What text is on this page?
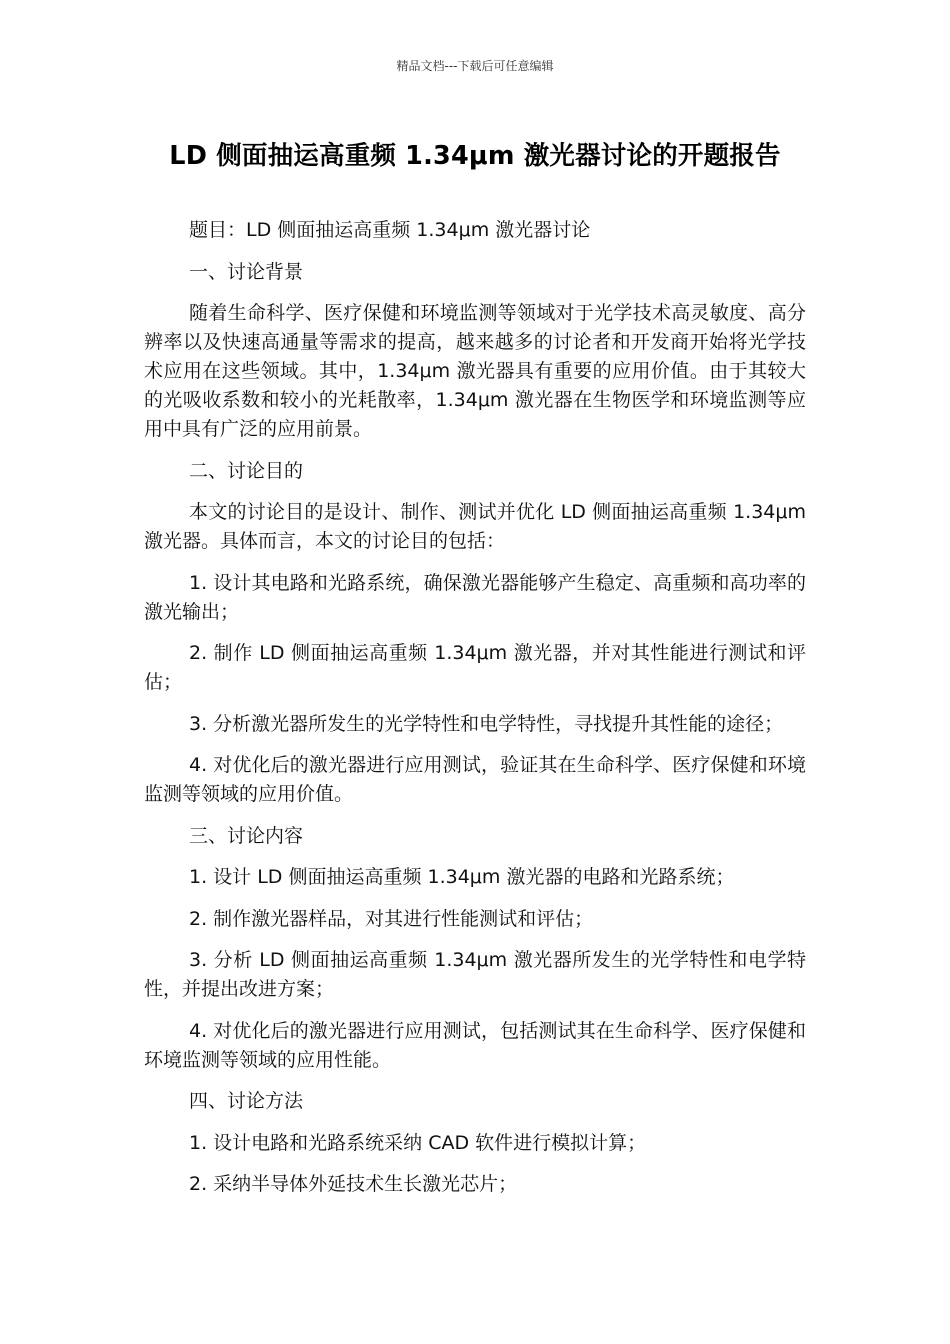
精品文档---下载后可任意编辑
LD 侧面抽运高重频 1.34μm 激光器讨论的开题报告

题目：LD 侧面抽运高重频 1.34μm 激光器讨论

一、讨论背景

随着生命科学、医疗保健和环境监测等领域对于光学技术高灵敏度、高分辨率以及快速高通量等需求的提高，越来越多的讨论者和开发商开始将光学技术应用在这些领域。其中，1.34μm 激光器具有重要的应用价值。由于其较大的光吸收系数和较小的光耗散率，1.34μm 激光器在生物医学和环境监测等应用中具有广泛的应用前景。

二、讨论目的

本文的讨论目的是设计、制作、测试并优化 LD 侧面抽运高重频 1.34μm 激光器。具体而言，本文的讨论目的包括：

1. 设计其电路和光路系统，确保激光器能够产生稳定、高重频和高功率的激光输出；

2. 制作 LD 侧面抽运高重频 1.34μm 激光器，并对其性能进行测试和评估；

3. 分析激光器所发生的光学特性和电学特性，寻找提升其性能的途径；

4. 对优化后的激光器进行应用测试，验证其在生命科学、医疗保健和环境监测等领域的应用价值。

三、讨论内容

1. 设计 LD 侧面抽运高重频 1.34μm 激光器的电路和光路系统；

2. 制作激光器样品，对其进行性能测试和评估；

3. 分析 LD 侧面抽运高重频 1.34μm 激光器所发生的光学特性和电学特性，并提出改进方案；

4. 对优化后的激光器进行应用测试，包括测试其在生命科学、医疗保健和环境监测等领域的应用性能。

四、讨论方法

1. 设计电路和光路系统采纳 CAD 软件进行模拟计算；

2. 采纳半导体外延技术生长激光芯片；
